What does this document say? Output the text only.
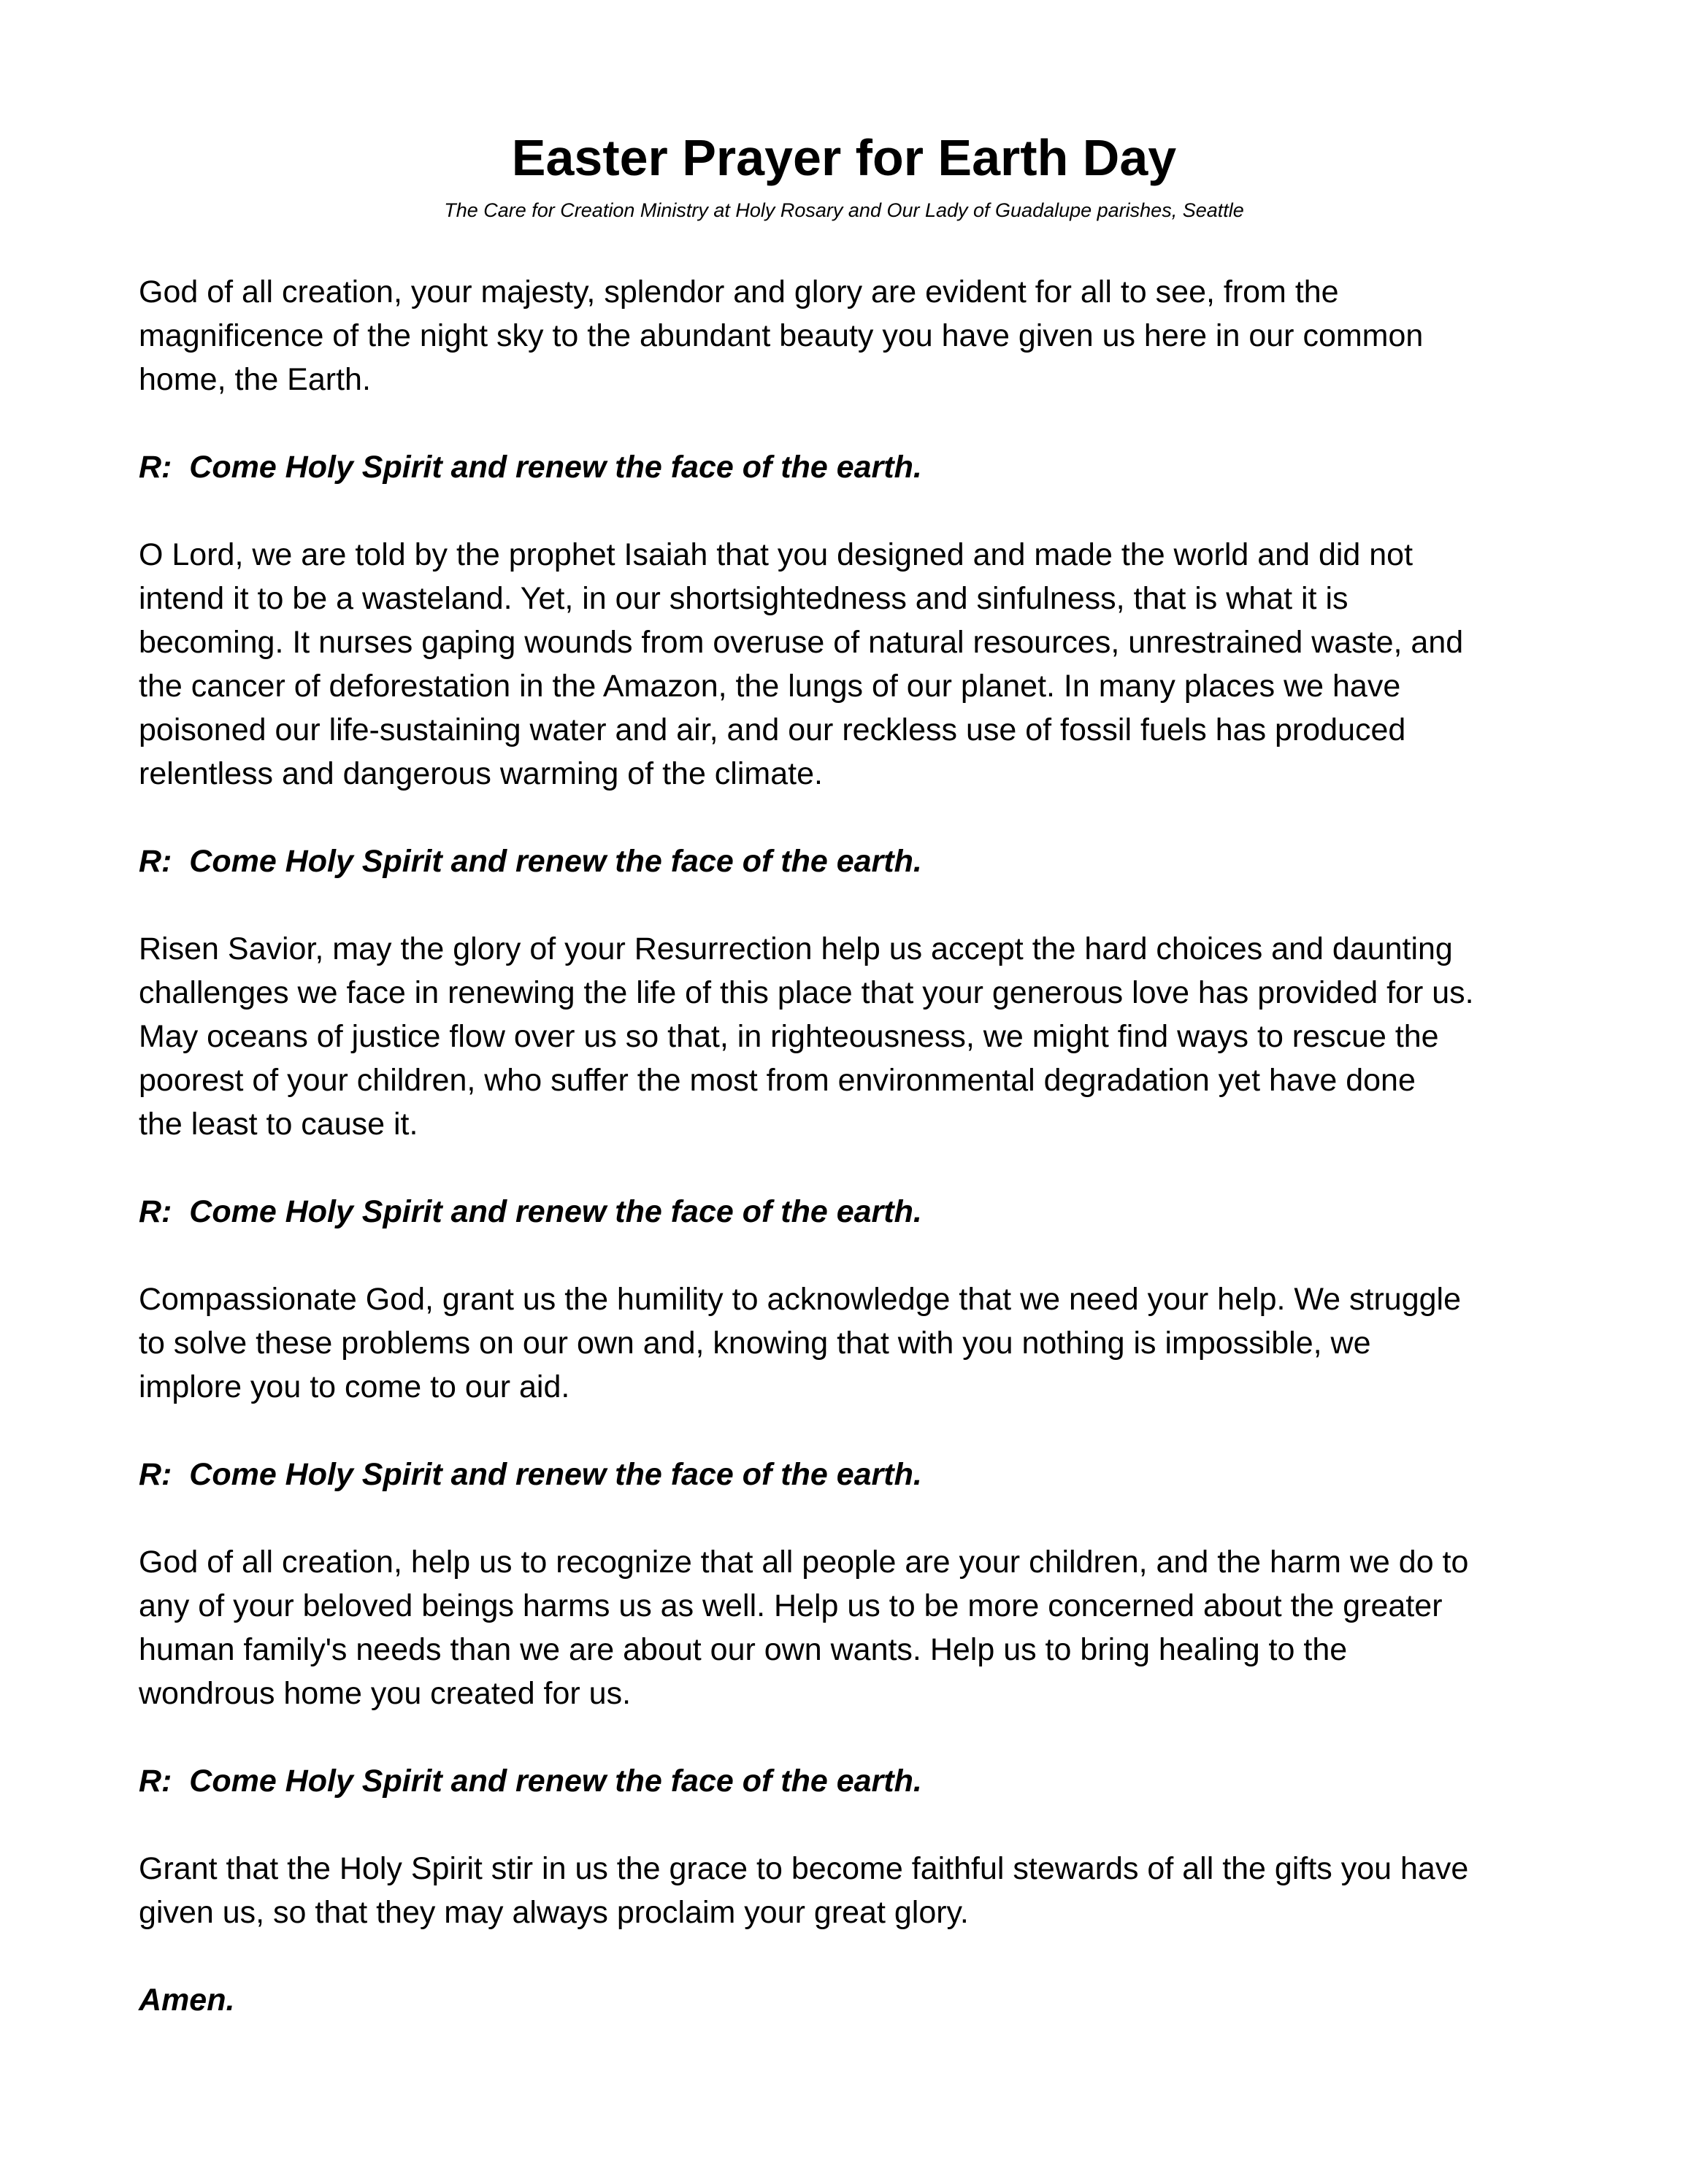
Easter Prayer for Earth Day
The Care for Creation Ministry at Holy Rosary and Our Lady of Guadalupe parishes, Seattle

God of all creation, your majesty, splendor and glory are evident for all to see, from the
magnificence of the night sky to the abundant beauty you have given us here in our common
home, the Earth.

R:  Come Holy Spirit and renew the face of the earth.

O Lord, we are told by the prophet Isaiah that you designed and made the world and did not
intend it to be a wasteland. Yet, in our shortsightedness and sinfulness, that is what it is
becoming. It nurses gaping wounds from overuse of natural resources, unrestrained waste, and
the cancer of deforestation in the Amazon, the lungs of our planet. In many places we have
poisoned our life-sustaining water and air, and our reckless use of fossil fuels has produced
relentless and dangerous warming of the climate.

R:  Come Holy Spirit and renew the face of the earth.

Risen Savior, may the glory of your Resurrection help us accept the hard choices and daunting
challenges we face in renewing the life of this place that your generous love has provided for us.
May oceans of justice flow over us so that, in righteousness, we might find ways to rescue the
poorest of your children, who suffer the most from environmental degradation yet have done
the least to cause it.

R:  Come Holy Spirit and renew the face of the earth.

Compassionate God, grant us the humility to acknowledge that we need your help. We struggle
to solve these problems on our own and, knowing that with you nothing is impossible, we
implore you to come to our aid.

R:  Come Holy Spirit and renew the face of the earth.

God of all creation, help us to recognize that all people are your children, and the harm we do to
any of your beloved beings harms us as well. Help us to be more concerned about the greater
human family's needs than we are about our own wants. Help us to bring healing to the
wondrous home you created for us.

R:  Come Holy Spirit and renew the face of the earth.

Grant that the Holy Spirit stir in us the grace to become faithful stewards of all the gifts you have
given us, so that they may always proclaim your great glory.

Amen.
